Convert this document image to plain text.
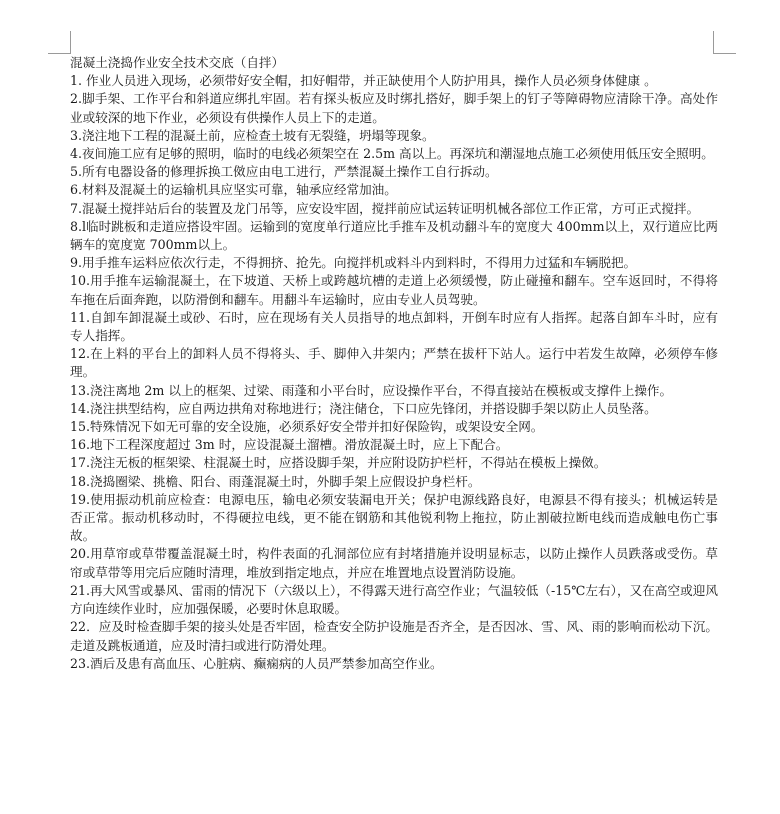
混凝土浇捣作业安全技术交底（自拌）

1. 作业人员进入现场，必须带好安全帽，扣好帽带，并正缺使用个人防护用具，操作人员必须身体健康 。

2.脚手架、工作平台和斜道应绑扎牢固。若有探头板应及时绑扎搭好，脚手架上的钉子等障碍物应清除干净。高处作业或较深的地下作业，必须设有供操作人员上下的走道。

3.浇注地下工程的混凝土前，应检查土坡有无裂缝，坍塌等现象。

4.夜间施工应有足够的照明，临时的电线必须架空在 2.5m 高以上。再深坑和潮湿地点施工必须使用低压安全照明。

5.所有电器设备的修理拆换工傚应由电工进行，严禁混凝土操作工自行拆动。

6.材料及混凝土的运输机具应坚实可靠，轴承应经常加油。

7.混凝土搅拌站后台的装置及龙门吊等，应安设牢固，搅拌前应试运转证明机械各部位工作正常，方可正式搅拌。

8.l临时跳板和走道应搭设牢固。运输到的宽度单行道应比手推车及机动翻斗车的宽度大 400mm以上，双行道应比两辆车的宽度宽 700mm以上。

9.用手推车运料应依次行走，不得拥挤、抢先。向搅拌机或料斗内到料时，不得用力过猛和车辆脱把。

10.用手推车运输混凝土，在下坡道、天桥上或跨越坑槽的走道上必须缓慢，防止碰撞和翻车。空车返回时，不得将车拖在后面奔跑，以防滑倒和翻车。用翻斗车运输时，应由专业人员驾驶。

11.自卸车卸混凝土或砂、石时，应在现场有关人员指导的地点卸料，开倒车时应有人指挥。起落自卸车斗时，应有专人指挥。

12.在上料的平台上的卸料人员不得将头、手、脚伸入井架内；严禁在拔杆下站人。运行中若发生故障，必须停车修理。

13.浇注离地 2m 以上的框架、过梁、雨蓬和小平台时，应设操作平台，不得直接站在模板或支撑件上操作。

14.浇注拱型结构，应自两边拱角对称地进行；浇注储仓，下口应先锋闭，并搭设脚手架以防止人员坠落。

15.特殊情况下如无可靠的安全设施，必须系好安全带并扣好保险钩，或架设安全网。

16.地下工程深度超过 3m 时，应设混凝土溜槽。滑放混凝土时，应上下配合。

17.浇注无板的框架梁、柱混凝土时，应搭设脚手架，并应附设防护栏杆，不得站在模板上操傚。

18.浇捣圈梁、挑檐、阳台、雨蓬混凝土时，外脚手架上应假设护身栏杆。

19.使用振动机前应检查：电源电压，输电必须安装漏电开关；保护电源线路良好，电源县不得有接头；机械运转是否正常。振动机移动时，不得硬拉电线，更不能在钢筋和其他锐利物上拖拉，防止割破拉断电线而造成触电伤亡事故。

20.用草帘或草带覆盖混凝土时，构件表面的孔洞部位应有封堵措施并设明显标志，以防止操作人员跌落或受伤。草帘或草带等用完后应随时清理，堆放到指定地点，并应在堆置地点设置消防设施。

21.再大风雪或暴风、雷雨的情况下（六级以上），不得露天进行高空作业；气温较低（-15℃左右），又在高空或迎风方向连续作业时，应加强保暖，必要时休息取暖。

22．应及时检查脚手架的接头处是否牢固，检查安全防护设施是否齐全，是否因冰、雪、风、雨的影响而松动下沉。走道及跳板通道，应及时清扫或进行防滑处理。

23.酒后及患有高血压、心脏病、癫痫病的人员严禁参加高空作业。
